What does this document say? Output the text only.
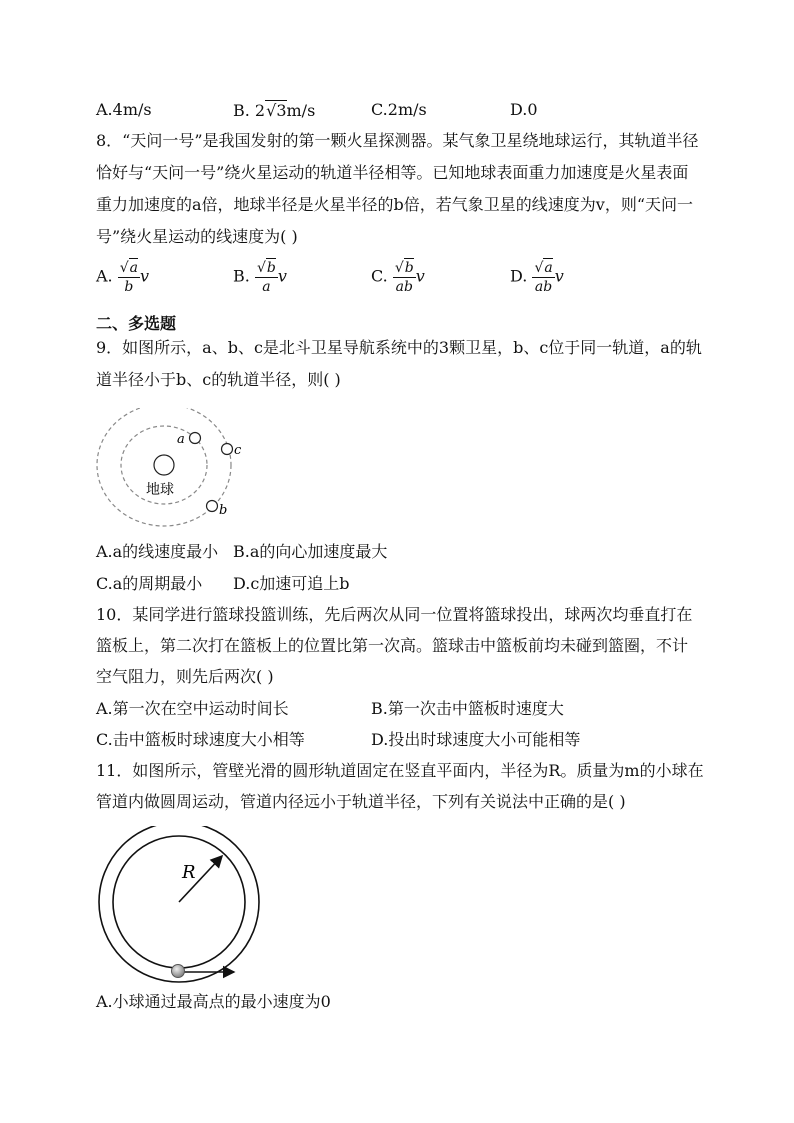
A.4m/s	B. 2√3m/s	C.2m/s	D.0
8．“天问一号”是我国发射的第一颗火星探测器。某气象卫星绕地球运行，其轨道半径
恰好与“天问一号”绕火星运动的轨道半径相等。已知地球表面重力加速度是火星表面
重力加速度的a倍，地球半径是火星半径的b倍，若气象卫星的线速度为v，则“天问一
号”绕火星运动的线速度为( )
A. $\frac{√a}{b}$ v	B. $\frac{√b}{a}$ v	C. $\frac{√b}{ab}$ v	D. $\frac{√a}{ab}$ v
二、多选题
9．如图所示，a、b、c是北斗卫星导航系统中的3颗卫星，b、c位于同一轨道，a的轨
道半径小于b、c的轨道半径，则( )
地球
a
c
b
A.a的线速度最小 B.a的向心加速度最大
C.a的周期最小 D.c加速可追上b
10．某同学进行篮球投篮训练，先后两次从同一位置将篮球投出，球两次均垂直打在
篮板上，第二次打在篮板上的位置比第一次高。篮球击中篮板前均未碰到篮圈，不计
空气阻力，则先后两次( )
A.第一次在空中运动时间长	B.第一次击中篮板时速度大
C.击中篮板时球速度大小相等	D.投出时球速度大小可能相等
11．如图所示，管壁光滑的圆形轨道固定在竖直平面内，半径为R。质量为m的小球在
管道内做圆周运动，管道内径远小于轨道半径，下列有关说法中正确的是( )
R
A.小球通过最高点的最小速度为0
